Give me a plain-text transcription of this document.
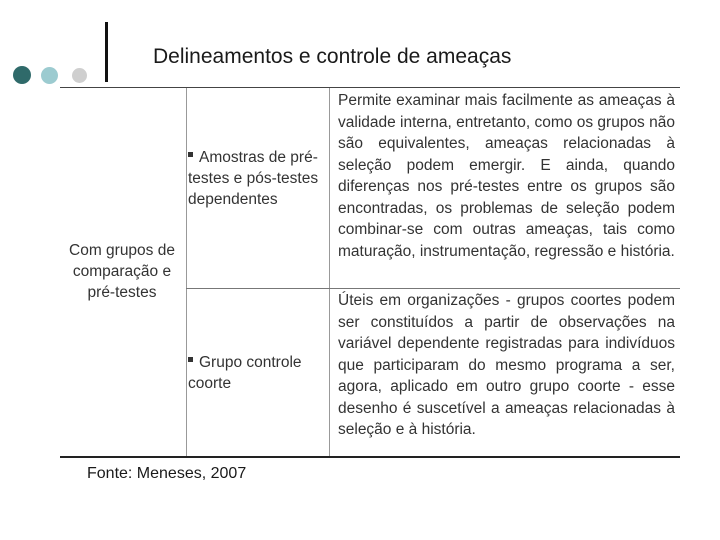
Delineamentos e controle de ameaças
Com grupos de comparação e pré-testes
Amostras de pré-testes e pós-testes dependentes
Grupo controle coorte
Permite examinar mais facilmente as ameaças à validade interna, entretanto, como os grupos não são equivalentes, ameaças relacionadas à seleção podem emergir. E ainda, quando diferenças nos pré-testes entre os grupos são encontradas, os problemas de seleção podem combinar-se com outras ameaças, tais como maturação, instrumentação, regressão e história.
Úteis em organizações - grupos coortes podem ser constituídos a partir de observações na variável dependente registradas para indivíduos que participaram do mesmo programa a ser, agora, aplicado em outro grupo coorte - esse desenho é suscetível a ameaças relacionadas à seleção e à história.
Fonte: Meneses, 2007
